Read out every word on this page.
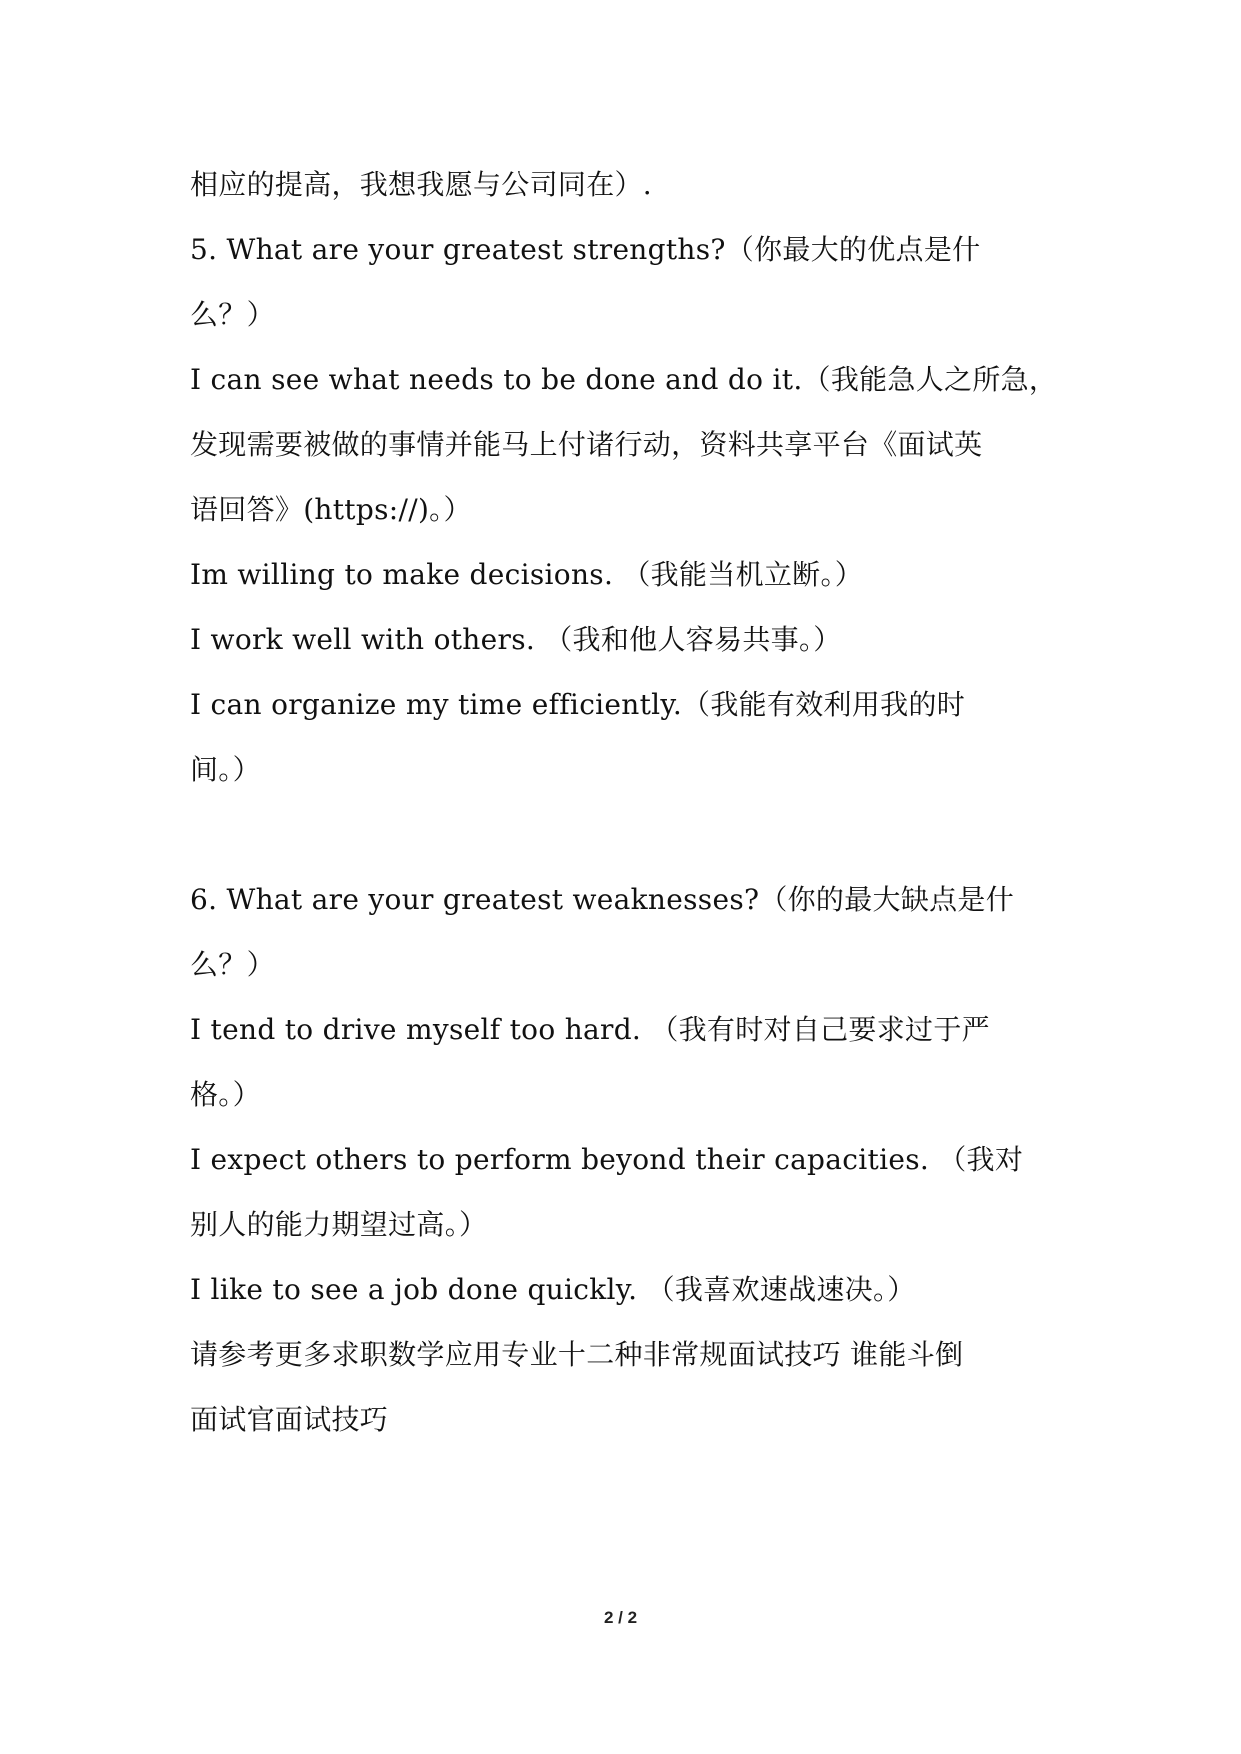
相应的提高，我想我愿与公司同在）.
5. What are your greatest strengths?（你最大的优点是什
么？）
I can see what needs to be done and do it.（我能急人之所急，
发现需要被做的事情并能马上付诸行动，资料共享平台《面试英
语回答》(https://)。）
Im willing to make decisions. （我能当机立断。）
I work well with others. （我和他人容易共事。）
I can organize my time efficiently.（我能有效利用我的时
间。）
6. What are your greatest weaknesses?（你的最大缺点是什
么？）
I tend to drive myself too hard. （我有时对自己要求过于严
格。）
I expect others to perform beyond their capacities. （我对
别人的能力期望过高。）
I like to see a job done quickly. （我喜欢速战速决。）
请参考更多求职数学应用专业十二种非常规面试技巧 谁能斗倒
面试官面试技巧
2 / 2
